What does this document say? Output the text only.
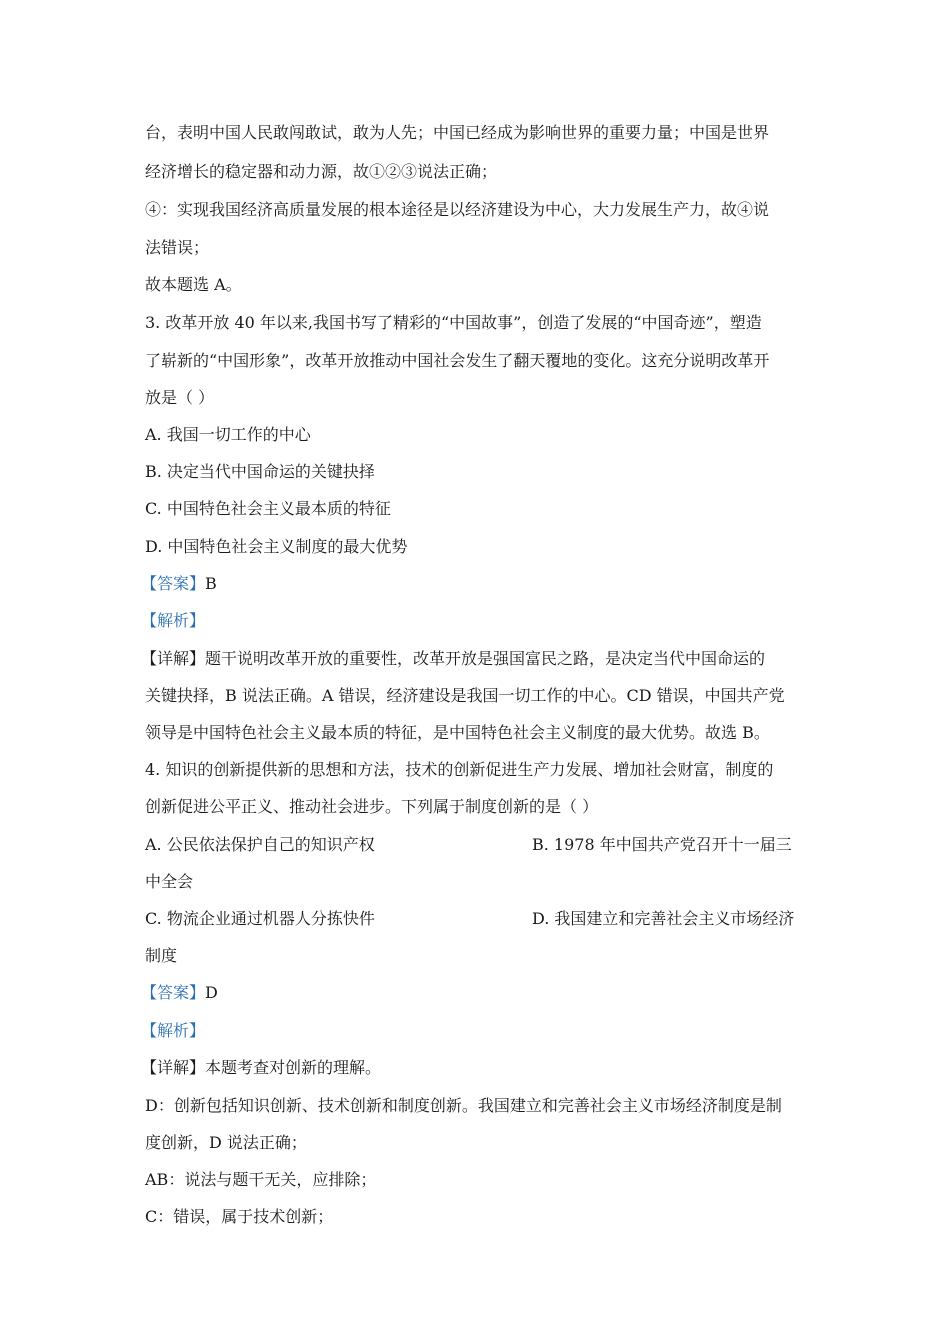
台，表明中国人民敢闯敢试，敢为人先；中国已经成为影响世界的重要力量；中国是世界
经济增长的稳定器和动力源，故①②③说法正确；
④：实现我国经济高质量发展的根本途径是以经济建设为中心，大力发展生产力，故④说
法错误；
故本题选 A。
3. 改革开放 40 年以来,我国书写了精彩的“中国故事”，创造了发展的“中国奇迹”，塑造
了崭新的“中国形象”，改革开放推动中国社会发生了翻天覆地的变化。这充分说明改革开
放是（ ）
A. 我国一切工作的中心
B. 决定当代中国命运的关键抉择
C. 中国特色社会主义最本质的特征
D. 中国特色社会主义制度的最大优势
【答案】B
【解析】
【详解】题干说明改革开放的重要性，改革开放是强国富民之路，是决定当代中国命运的
关键抉择，B 说法正确。A 错误，经济建设是我国一切工作的中心。CD 错误，中国共产党
领导是中国特色社会主义最本质的特征，是中国特色社会主义制度的最大优势。故选 B。
4. 知识的创新提供新的思想和方法，技术的创新促进生产力发展、增加社会财富，制度的
创新促进公平正义、推动社会进步。下列属于制度创新的是（ ）
A. 公民依法保护自己的知识产权	B. 1978 年中国共产党召开十一届三
中全会
C. 物流企业通过机器人分拣快件	D. 我国建立和完善社会主义市场经济
制度
【答案】D
【解析】
【详解】本题考查对创新的理解。
D：创新包括知识创新、技术创新和制度创新。我国建立和完善社会主义市场经济制度是制
度创新，D 说法正确；
AB：说法与题干无关，应排除；
C：错误，属于技术创新；
